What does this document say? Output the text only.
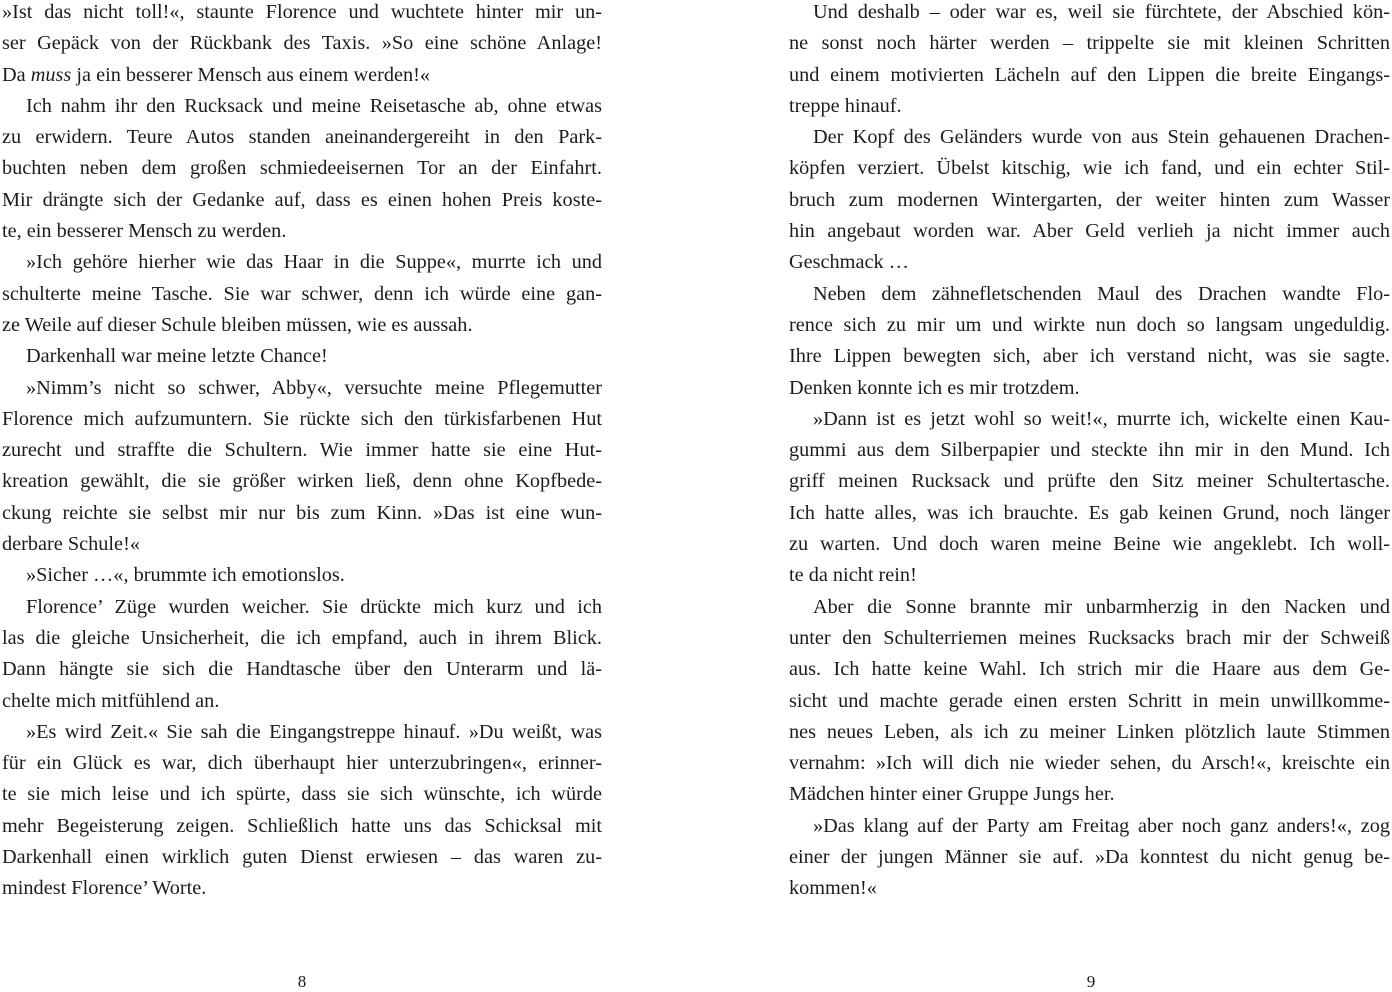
»Ist das nicht toll!«, staunte Florence und wuchtete hinter mir un-
ser Gepäck von der Rückbank des Taxis. »So eine schöne Anlage!
Da muss ja ein besserer Mensch aus einem werden!«
Ich nahm ihr den Rucksack und meine Reisetasche ab, ohne etwas
zu erwidern. Teure Autos standen aneinandergereiht in den Park-
buchten neben dem großen schmiedeeisernen Tor an der Einfahrt.
Mir drängte sich der Gedanke auf, dass es einen hohen Preis koste-
te, ein besserer Mensch zu werden.
»Ich gehöre hierher wie das Haar in die Suppe«, murrte ich und
schulterte meine Tasche. Sie war schwer, denn ich würde eine gan-
ze Weile auf dieser Schule bleiben müssen, wie es aussah.
Darkenhall war meine letzte Chance!
»Nimm’s nicht so schwer, Abby«, versuchte meine Pflegemutter
Florence mich aufzumuntern. Sie rückte sich den türkisfarbenen Hut
zurecht und straffte die Schultern. Wie immer hatte sie eine Hut-
kreation gewählt, die sie größer wirken ließ, denn ohne Kopfbede-
ckung reichte sie selbst mir nur bis zum Kinn. »Das ist eine wun-
derbare Schule!«
»Sicher …«, brummte ich emotionslos.
Florence’ Züge wurden weicher. Sie drückte mich kurz und ich
las die gleiche Unsicherheit, die ich empfand, auch in ihrem Blick.
Dann hängte sie sich die Handtasche über den Unterarm und lä-
chelte mich mitfühlend an.
»Es wird Zeit.« Sie sah die Eingangstreppe hinauf. »Du weißt, was
für ein Glück es war, dich überhaupt hier unterzubringen«, erinner-
te sie mich leise und ich spürte, dass sie sich wünschte, ich würde
mehr Begeisterung zeigen. Schließlich hatte uns das Schicksal mit
Darkenhall einen wirklich guten Dienst erwiesen – das waren zu-
mindest Florence’ Worte.
8
Und deshalb – oder war es, weil sie fürchtete, der Abschied kön-
ne sonst noch härter werden – trippelte sie mit kleinen Schritten
und einem motivierten Lächeln auf den Lippen die breite Eingangs-
treppe hinauf.
Der Kopf des Geländers wurde von aus Stein gehauenen Drachen-
köpfen verziert. Übelst kitschig, wie ich fand, und ein echter Stil-
bruch zum modernen Wintergarten, der weiter hinten zum Wasser
hin angebaut worden war. Aber Geld verlieh ja nicht immer auch
Geschmack …
Neben dem zähnefletschenden Maul des Drachen wandte Flo-
rence sich zu mir um und wirkte nun doch so langsam ungeduldig.
Ihre Lippen bewegten sich, aber ich verstand nicht, was sie sagte.
Denken konnte ich es mir trotzdem.
»Dann ist es jetzt wohl so weit!«, murrte ich, wickelte einen Kau-
gummi aus dem Silberpapier und steckte ihn mir in den Mund. Ich
griff meinen Rucksack und prüfte den Sitz meiner Schultertasche.
Ich hatte alles, was ich brauchte. Es gab keinen Grund, noch länger
zu warten. Und doch waren meine Beine wie angeklebt. Ich woll-
te da nicht rein!
Aber die Sonne brannte mir unbarmherzig in den Nacken und
unter den Schulterriemen meines Rucksacks brach mir der Schweiß
aus. Ich hatte keine Wahl. Ich strich mir die Haare aus dem Ge-
sicht und machte gerade einen ersten Schritt in mein unwillkomme-
nes neues Leben, als ich zu meiner Linken plötzlich laute Stimmen
vernahm: »Ich will dich nie wieder sehen, du Arsch!«, kreischte ein
Mädchen hinter einer Gruppe Jungs her.
»Das klang auf der Party am Freitag aber noch ganz anders!«, zog
einer der jungen Männer sie auf. »Da konntest du nicht genug be-
kommen!«
9
